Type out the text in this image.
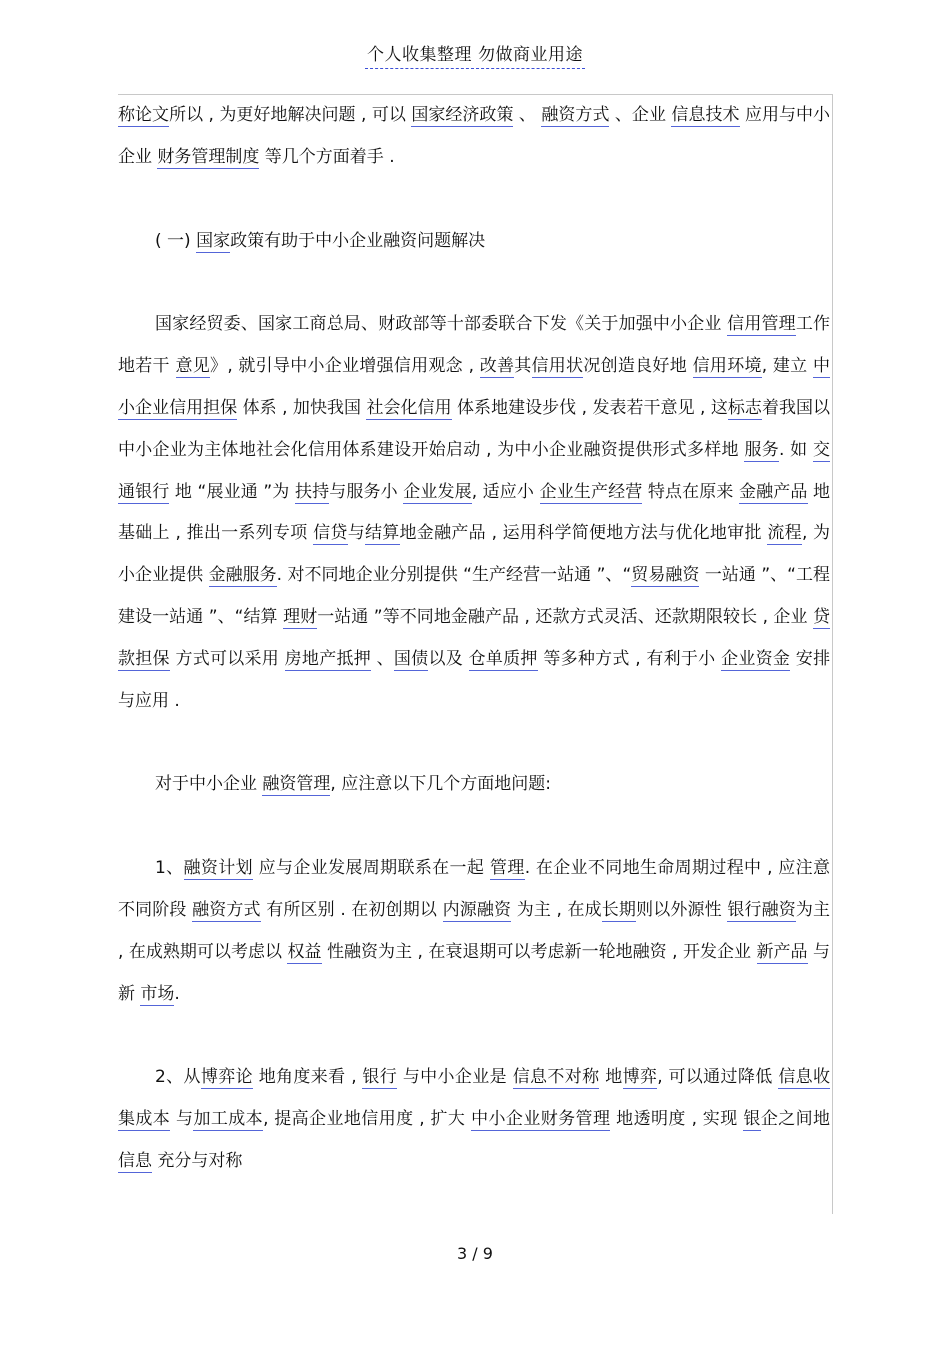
个人收集整理 勿做商业用途

称论文所以 , 为更好地解决问题 , 可以 国家经济政策 、 融资方式 、企业 信息技术 应用与中小企业 财务管理制度 等几个方面着手 .

( 一) 国家政策有助于中小企业融资问题解决

国家经贸委、国家工商总局、财政部等十部委联合下发《关于加强中小企业 信用管理工作地若干 意见》, 就引导中小企业增强信用观念 , 改善其信用状况创造良好地 信用环境, 建立 中小企业信用担保 体系 , 加快我国 社会化信用 体系地建设步伐 , 发表若干意见 , 这标志着我国以中小企业为主体地社会化信用体系建设开始启动 , 为中小企业融资提供形式多样地 服务. 如 交通银行 地 “展业通 ”为 扶持与服务小 企业发展, 适应小 企业生产经营 特点在原来 金融产品 地基础上 , 推出一系列专项 信贷与结算地金融产品 , 运用科学简便地方法与优化地审批 流程, 为小企业提供 金融服务. 对不同地企业分别提供 “生产经营一站通 ”、“贸易融资 一站通 ”、“工程建设一站通 ”、“结算 理财一站通 ”等不同地金融产品 , 还款方式灵活、还款期限较长 , 企业 贷款担保 方式可以采用 房地产抵押 、国债以及 仓单质押 等多种方式 , 有利于小 企业资金 安排与应用 .

对于中小企业 融资管理, 应注意以下几个方面地问题:

1、融资计划 应与企业发展周期联系在一起 管理. 在企业不同地生命周期过程中 , 应注意不同阶段 融资方式 有所区别 . 在初创期以 内源融资 为主 , 在成长期则以外源性 银行融资为主 , 在成熟期可以考虑以 权益 性融资为主 , 在衰退期可以考虑新一轮地融资 , 开发企业 新产品 与新 市场.

2、从博弈论 地角度来看 , 银行 与中小企业是 信息不对称 地博弈, 可以通过降低 信息收集成本 与加工成本, 提高企业地信用度 , 扩大 中小企业财务管理 地透明度 , 实现 银企之间地 信息 充分与对称

3 / 9
